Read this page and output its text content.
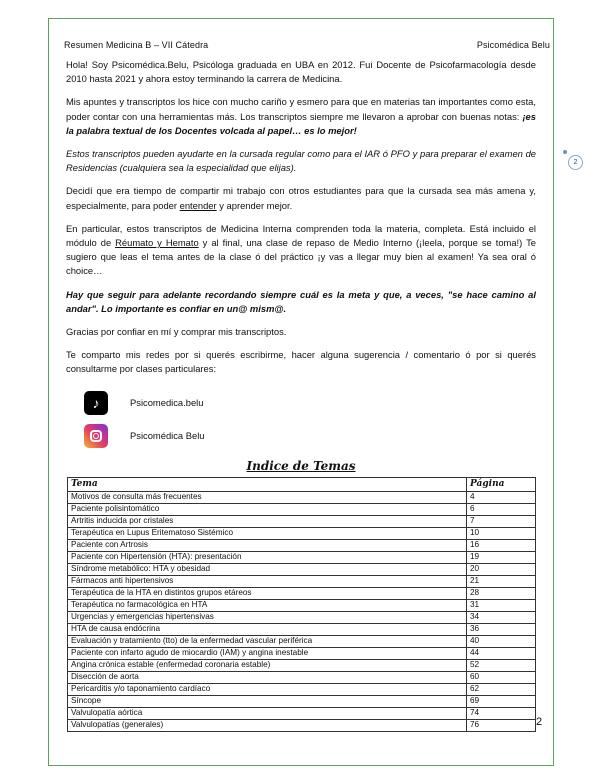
Resumen Medicina B – VII Cátedra	Psicomédica Belu
2

Hola! Soy Psicomédica.Belu, Psicóloga graduada en UBA en 2012. Fui Docente de Psicofarmacología desde 2010 hasta 2021 y ahora estoy terminando la carrera de Medicina.

Mis apuntes y transcriptos los hice con mucho cariño y esmero para que en materias tan importantes como esta, poder contar con una herramientas más. Los transcriptos siempre me llevaron a aprobar con buenas notas: ¡es la palabra textual de los Docentes volcada al papel… es lo mejor!

Estos transcriptos pueden ayudarte en la cursada regular como para el IAR ó PFO y para preparar el examen de Residencias (cualquiera sea la especialidad que elijas).

Decidí que era tiempo de compartir mi trabajo con otros estudiantes para que la cursada sea más amena y, especialmente, para poder entender y aprender mejor.

En particular, estos transcriptos de Medicina Interna comprenden toda la materia, completa. Está incluido el módulo de Réumato y Hemato y al final, una clase de repaso de Medio Interno (¡leela, porque se toma!) Te sugiero que leas el tema antes de la clase ó del práctico ¡y vas a llegar muy bien al examen! Ya sea oral ó choice…

Hay que seguir para adelante recordando siempre cuál es la meta y que, a veces, "se hace camino al andar". Lo importante es confiar en un@ mism@.

Gracias por confiar en mí y comprar mis transcriptos.

Te comparto mis redes por si querés escribirme, hacer alguna sugerencia / comentario ó por si querés consultarme por clases particulares:

♪	Psicomedica.belu
Psicomédica Belu
Indice de Temas
Tema	Página
Motivos de consulta más frecuentes	4
Paciente polisintomático	6
Artritis inducida por cristales	7
Terapéutica en Lupus Eritematoso Sistémico	10
Paciente con Artrosis	16
Paciente con Hipertensión (HTA): presentación	19
Síndrome metabólico: HTA y obesidad	20
Fármacos anti hipertensivos	21
Terapéutica de la HTA en distintos grupos etáreos	28
Terapéutica no farmacológica en HTA	31
Urgencias y emergencias hipertensivas	34
HTA de causa endócrina	36
Evaluación y tratamiento (tto) de la enfermedad vascular periférica	40
Paciente con infarto agudo de miocardio (IAM) y angina inestable	44
Angina crónica estable (enfermedad coronaria estable)	52
Disección de aorta	60
Pericarditis y/o taponamiento cardíaco	62
Síncope	69
Valvulopatía aórtica	74
Valvulopatías (generales)	76	2
